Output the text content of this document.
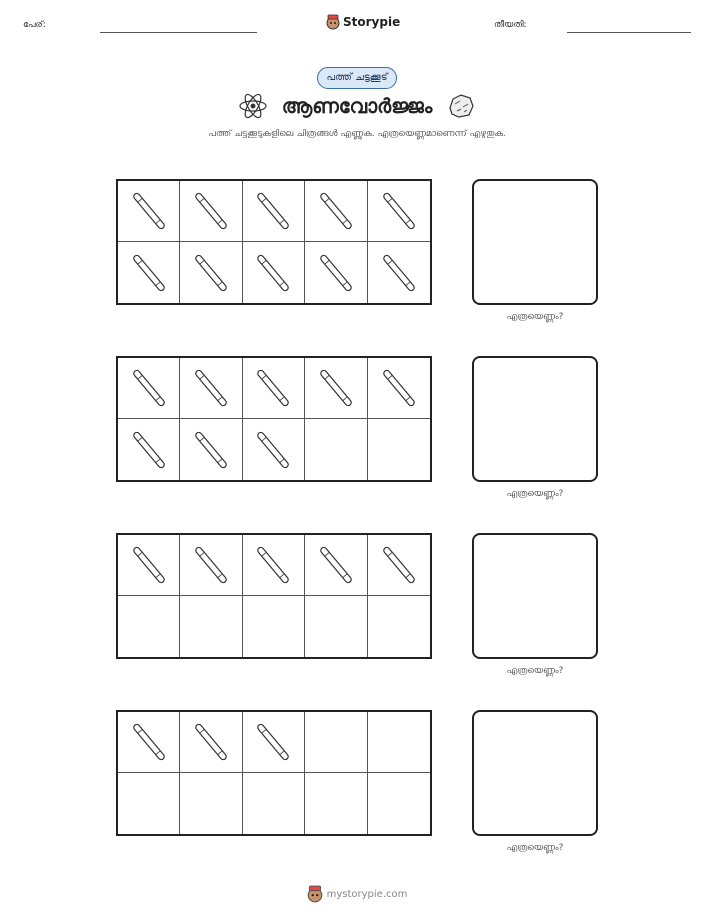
പേര്:	Storypie	തീയതി:
പത്ത് ചട്ടക്കൂട്
ആണവോർജ്ജം
പത്ത് ചട്ടക്കൂടുകളിലെ ചിത്രങ്ങൾ എണ്ണുക. എത്രയെണ്ണമാണെന്ന് എഴുതുക.
എത്രയെണ്ണം?
എത്രയെണ്ണം?
എത്രയെണ്ണം?
എത്രയെണ്ണം?
mystorypie.com
